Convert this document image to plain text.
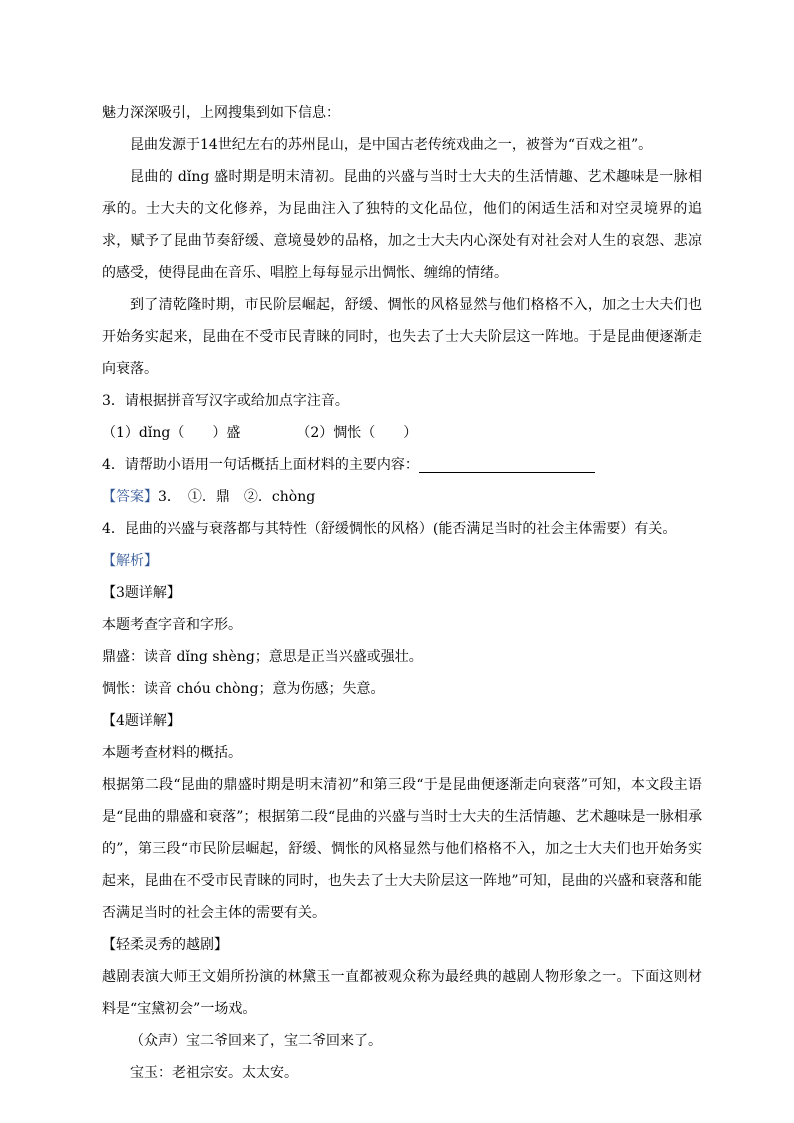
魅力深深吸引，上网搜集到如下信息：
昆曲发源于14世纪左右的苏州昆山，是中国古老传统戏曲之一，被誉为“百戏之祖”。
昆曲的 dǐng 盛时期是明末清初。昆曲的兴盛与当时士大夫的生活情趣、艺术趣味是一脉相承的。士大夫的文化修养，为昆曲注入了独特的文化品位，他们的闲适生活和对空灵境界的追求，赋予了昆曲节奏舒缓、意境曼妙的品格，加之士大夫内心深处有对社会对人生的哀怨、悲凉的感受，使得昆曲在音乐、唱腔上每每显示出惆怅、缠绵的情绪。
到了清乾隆时期，市民阶层崛起，舒缓、惆怅的风格显然与他们格格不入，加之士大夫们也开始务实起来，昆曲在不受市民青睐的同时，也失去了士大夫阶层这一阵地。于是昆曲便逐渐走向衰落。
3．请根据拼音写汉字或给加点字注音。
（1）dǐng（　　）盛	（2）惆怅（　　）
4．请帮助小语用一句话概括上面材料的主要内容：
【答案】3．　①．鼎　②．chòng
4．昆曲的兴盛与衰落都与其特性（舒缓惆怅的风格）(能否满足当时的社会主体需要）有关。
【解析】
【3题详解】
本题考查字音和字形。
鼎盛：读音 dǐng shèng；意思是正当兴盛或强壮。
惆怅：读音 chóu chòng；意为伤感；失意。
【4题详解】
本题考查材料的概括。
根据第二段“昆曲的鼎盛时期是明末清初”和第三段“于是昆曲便逐渐走向衰落”可知，本文段主语是“昆曲的鼎盛和衰落”；根据第二段“昆曲的兴盛与当时士大夫的生活情趣、艺术趣味是一脉相承的”，第三段“市民阶层崛起，舒缓、惆怅的风格显然与他们格格不入，加之士大夫们也开始务实起来，昆曲在不受市民青睐的同时，也失去了士大夫阶层这一阵地”可知，昆曲的兴盛和衰落和能否满足当时的社会主体的需要有关。
【轻柔灵秀的越剧】
越剧表演大师王文娟所扮演的林黛玉一直都被观众称为最经典的越剧人物形象之一。下面这则材料是“宝黛初会”一场戏。
（众声）宝二爷回来了，宝二爷回来了。
宝玉：老祖宗安。太太安。
